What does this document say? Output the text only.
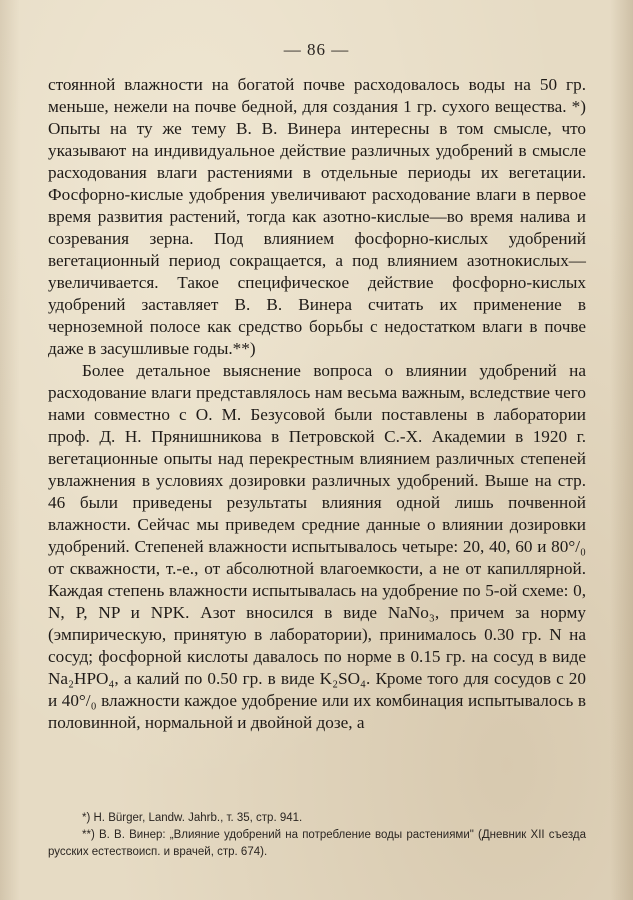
— 86 —

стоянной влажности на богатой почве расходовалось воды на 50 гр. меньше, нежели на почве бедной, для создания 1 гр. сухого вещества. *) Опыты на ту же тему В. В. Винера интересны в том смысле, что указывают на индивидуальное действие различных удобрений в смысле расходования влаги растениями в отдельные периоды их вегетации. Фосфорно-кислые удобрения увеличивают расходование влаги в первое время развития растений, тогда как азотно-кислые—во время налива и созревания зерна. Под влиянием фосфорно-кислых удобрений вегетационный период сокращается, а под влиянием азотнокислых—увеличивается. Такое специфическое действие фосфорно-кислых удобрений заставляет В. В. Винера считать их применение в черноземной полосе как средство борьбы с недостатком влаги в почве даже в засушливые годы.**)

Более детальное выяснение вопроса о влиянии удобрений на расходование влаги представлялось нам весьма важным, вследствие чего нами совместно с О. М. Безусовой были поставлены в лаборатории проф. Д. Н. Прянишникова в Петровской С.-Х. Академии в 1920 г. вегетационные опыты над перекрестным влиянием различных степеней увлажнения в условиях дозировки различных удобрений. Выше на стр. 46 были приведены результаты влияния одной лишь почвенной влажности. Сейчас мы приведем средние данные о влиянии дозировки удобрений. Степеней влажности испытывалось четыре: 20, 40, 60 и 80°/₀ от скважности, т.-е., от абсолютной влагоемкости, а не от капиллярной. Каждая степень влажности испытывалась на удобрение по 5-ой схеме: 0, N, P, NP и NPK. Азот вносился в виде NaNo₃, причем за норму (эмпирическую, принятую в лаборатории), принималось 0.30 гр. N на сосуд; фосфорной кислоты давалось по норме в 0.15 гр. на сосуд в виде Na₂HPO₄, а калий по 0.50 гр. в виде K₂SO₄. Кроме того для сосудов с 20 и 40°/₀ влажности каждое удобрение или их комбинация испытывалось в половинной, нормальной и двойной дозе, а

*) H. Bürger, Landw. Jahrb., т. 35, стр. 941.

**) В. В. Винер: „Влияние удобрений на потребление воды растениями" (Дневник XII съезда русских естествоисп. и врачей, стр. 674).
